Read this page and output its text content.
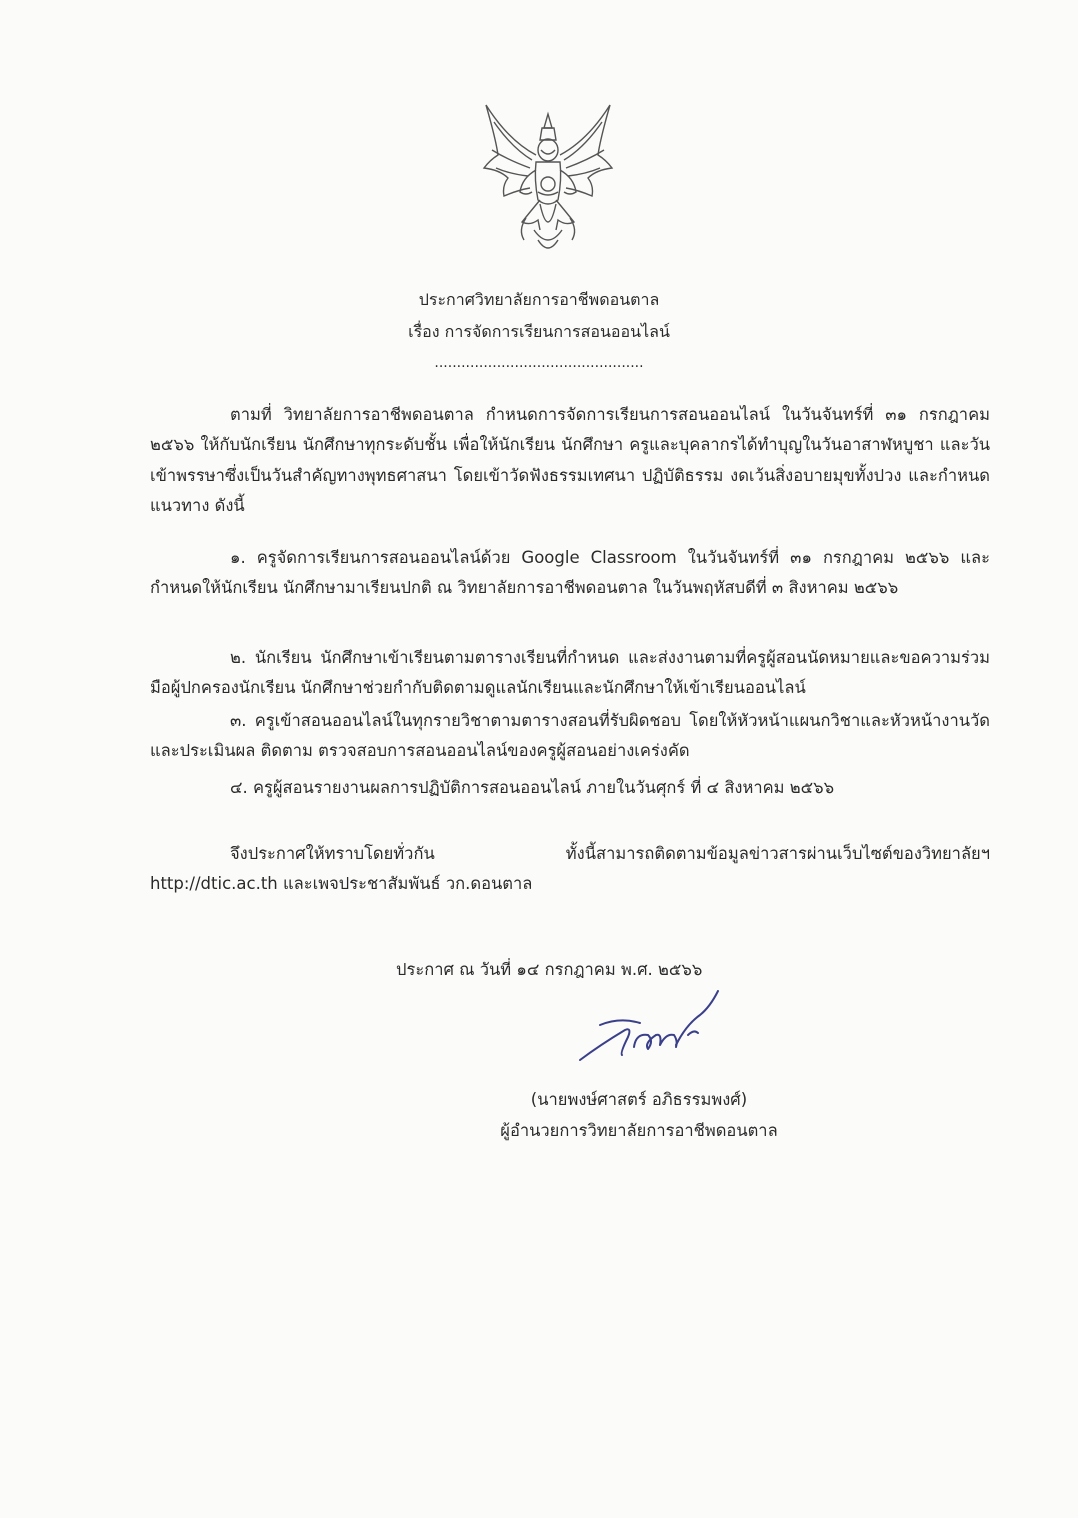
ประกาศวิทยาลัยการอาชีพดอนตาล
เรื่อง การจัดการเรียนการสอนออนไลน์
...............................................

ตามที่ วิทยาลัยการอาชีพดอนตาล กำหนดการจัดการเรียนการสอนออนไลน์ ในวันจันทร์ที่ ๓๑ กรกฎาคม ๒๕๖๖ ให้กับนักเรียน นักศึกษาทุกระดับชั้น เพื่อให้นักเรียน นักศึกษา ครูและบุคลากรได้ทำบุญในวันอาสาฬหบูชา และวันเข้าพรรษาซึ่งเป็นวันสำคัญทางพุทธศาสนา โดยเข้าวัดฟังธรรมเทศนา ปฏิบัติธรรม งดเว้นสิ่งอบายมุขทั้งปวง และกำหนดแนวทาง ดังนี้

๑. ครูจัดการเรียนการสอนออนไลน์ด้วย Google Classroom ในวันจันทร์ที่ ๓๑ กรกฎาคม ๒๕๖๖ และกำหนดให้นักเรียน นักศึกษามาเรียนปกติ ณ วิทยาลัยการอาชีพดอนตาล ในวันพฤหัสบดีที่ ๓ สิงหาคม ๒๕๖๖

๒. นักเรียน นักศึกษาเข้าเรียนตามตารางเรียนที่กำหนด และส่งงานตามที่ครูผู้สอนนัดหมายและขอความร่วมมือผู้ปกครองนักเรียน นักศึกษาช่วยกำกับติดตามดูแลนักเรียนและนักศึกษาให้เข้าเรียนออนไลน์

๓. ครูเข้าสอนออนไลน์ในทุกรายวิชาตามตารางสอนที่รับผิดชอบ โดยให้หัวหน้าแผนกวิชาและหัวหน้างานวัดและประเมินผล ติดตาม ตรวจสอบการสอนออนไลน์ของครูผู้สอนอย่างเคร่งคัด

๔. ครูผู้สอนรายงานผลการปฏิบัติการสอนออนไลน์ ภายในวันศุกร์ ที่ ๔ สิงหาคม ๒๕๖๖

จึงประกาศให้ทราบโดยทั่วกัน ทั้งนี้สามารถติดตามข้อมูลข่าวสารผ่านเว็บไซต์ของวิทยาลัยฯ http://dtic.ac.th และเพจประชาสัมพันธ์ วก.ดอนตาล

ประกาศ ณ วันที่ ๑๔ กรกฎาคม พ.ศ. ๒๕๖๖
(นายพงษ์ศาสตร์ อภิธรรมพงศ์)
ผู้อำนวยการวิทยาลัยการอาชีพดอนตาล
